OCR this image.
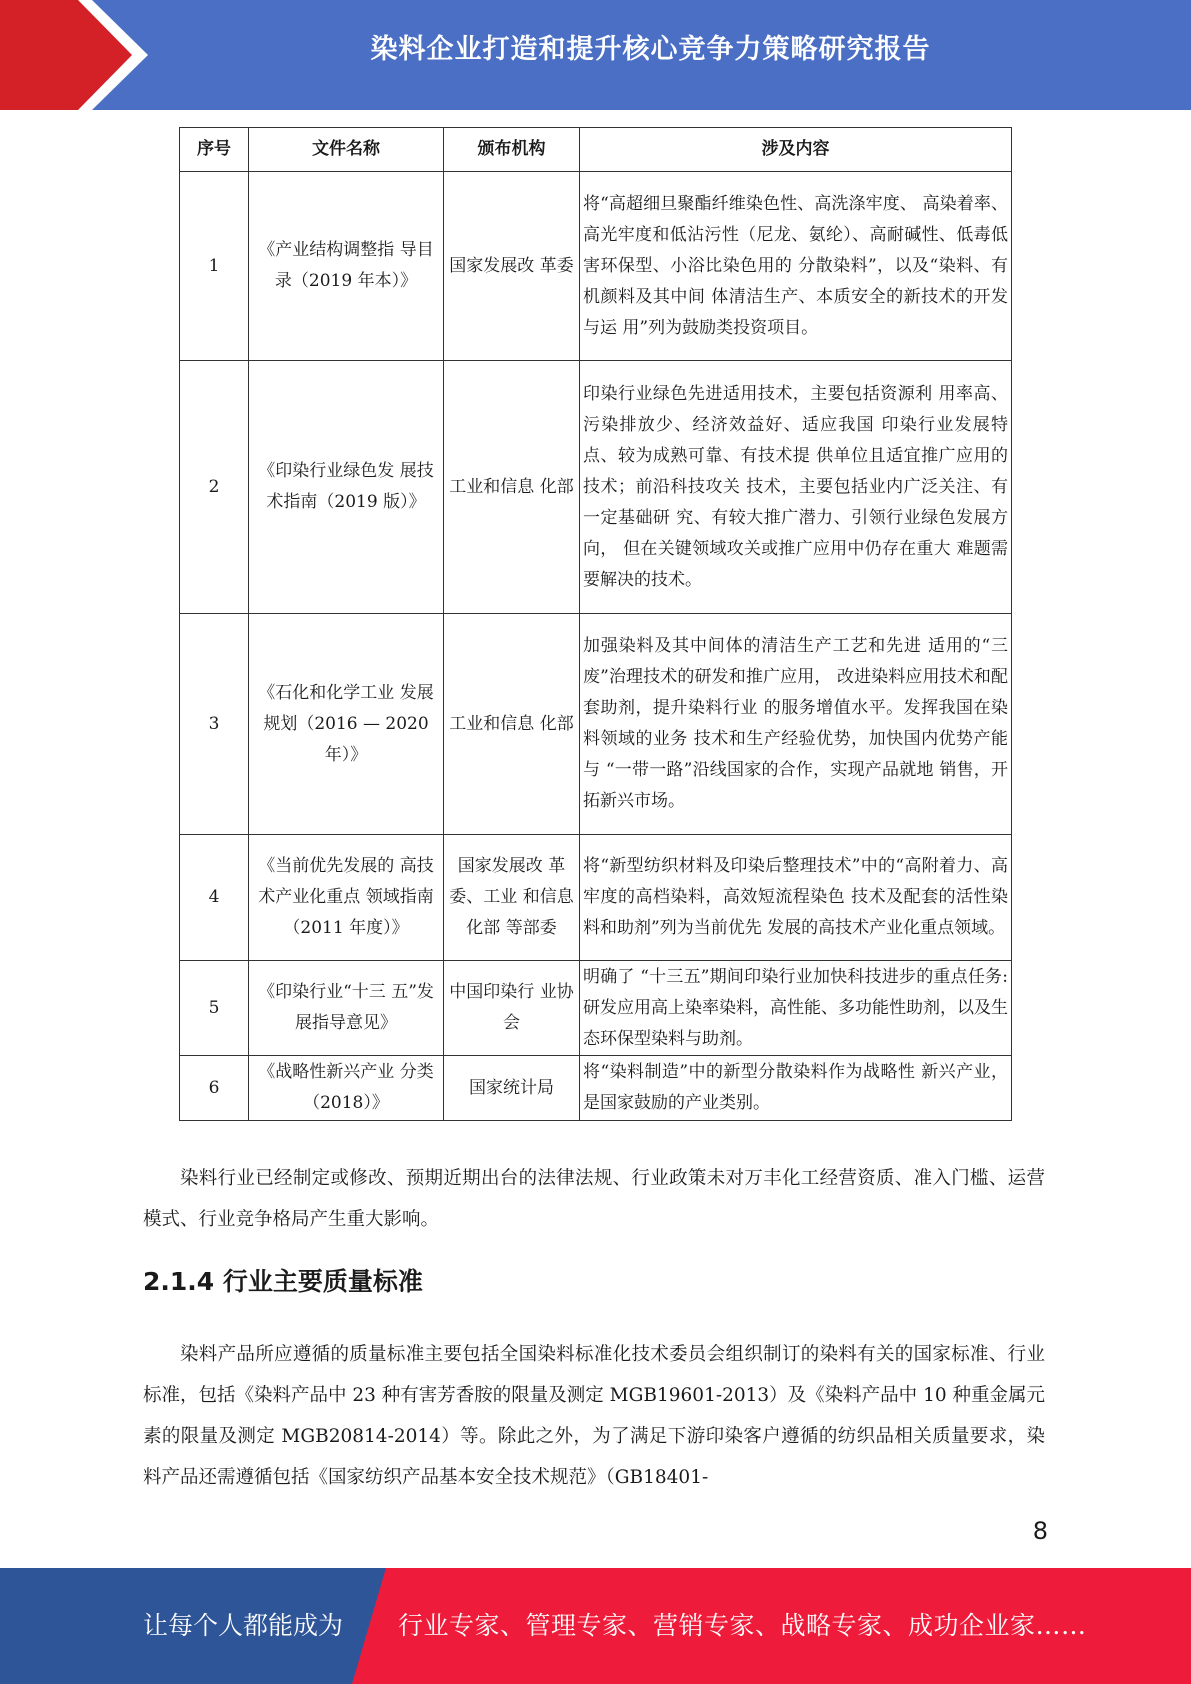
染料企业打造和提升核心竞争力策略研究报告
序号	文件名称	颁布机构	涉及内容
1	《产业结构调整指 导目录（2019 年本）》	国家发展改 革委	将“高超细旦聚酯纤维染色性、高洗涤牢度、 高染着率、高光牢度和低沾污性（尼龙、氨纶）、高耐碱性、低毒低害环保型、小浴比染色用的 分散染料”，以及“染料、有机颜料及其中间 体清洁生产、本质安全的新技术的开发与运 用”列为鼓励类投资项目。
2	《印染行业绿色发 展技术指南（2019 版）》	工业和信息 化部	印染行业绿色先进适用技术，主要包括资源利 用率高、污染排放少、经济效益好、适应我国 印染行业发展特点、较为成熟可靠、有技术提 供单位且适宜推广应用的技术；前沿科技攻关 技术，主要包括业内广泛关注、有一定基础研 究、有较大推广潜力、引领行业绿色发展方向， 但在关键领域攻关或推广应用中仍存在重大 难题需要解决的技术。
3	《石化和化学工业 发展规划（2016 — 2020 年）》	工业和信息 化部	加强染料及其中间体的清洁生产工艺和先进 适用的“三废”治理技术的研发和推广应用， 改进染料应用技术和配套助剂，提升染料行业 的服务增值水平。发挥我国在染料领域的业务 技术和生产经验优势，加快国内优势产能与 “一带一路”沿线国家的合作，实现产品就地 销售，开拓新兴市场。
4	《当前优先发展的 高技术产业化重点 领域指南（2011 年度）》	国家发展改 革委、工业 和信息化部 等部委	将“新型纺织材料及印染后整理技术”中的“高附着力、高牢度的高档染料，高效短流程染色 技术及配套的活性染料和助剂”列为当前优先 发展的高技术产业化重点领域。
5	《印染行业“十三 五”发展指导意见》	中国印染行 业协会	明确了 “十三五”期间印染行业加快科技进步的重点任务:研发应用高上染率染料，高性能、多功能性助剂，以及生态环保型染料与助剂。
6	《战略性新兴产业 分类（2018）》	国家统计局	将“染料制造”中的新型分散染料作为战略性 新兴产业，是国家鼓励的产业类别。

染料行业已经制定或修改、预期近期出台的法律法规、行业政策未对万丰化工经营资质、准入门槛、运营模式、行业竞争格局产生重大影响。

2.1.4 行业主要质量标准

染料产品所应遵循的质量标准主要包括全国染料标准化技术委员会组织制订的染料有关的国家标准、行业标准，包括《染料产品中 23 种有害芳香胺的限量及测定 MGB19601-2013）及《染料产品中 10 种重金属元素的限量及测定 MGB20814-2014）等。除此之外，为了满足下游印染客户遵循的纺织品相关质量要求，染料产品还需遵循包括《国家纺织产品基本安全技术规范》（GB18401-

8
让每个人都能成为 行业专家、管理专家、营销专家、战略专家、成功企业家……
